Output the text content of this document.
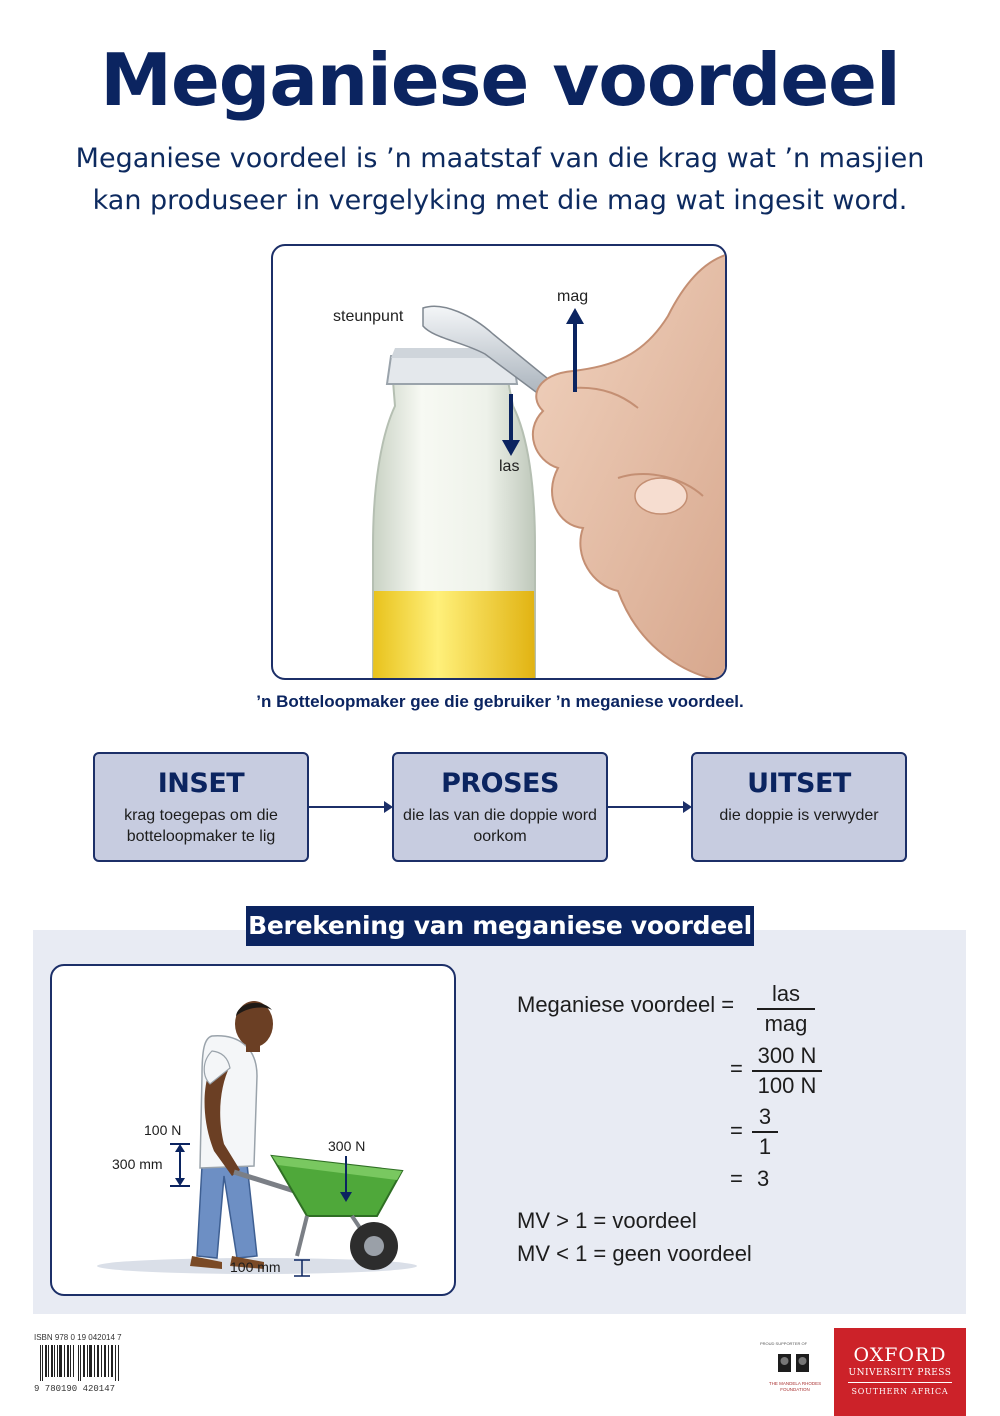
Meganiese voordeel
Meganiese voordeel is ’n maatstaf van die krag wat ’n masjien
kan produseer in vergelyking met die mag wat ingesit word.
steunpunt
mag
las
’n Botteloopmaker gee die gebruiker ’n meganiese voordeel.
INSET
krag toegepas om die botteloopmaker te lig
PROSES
die las van die doppie word oorkom
UITSET
die doppie is verwyder
Berekening van meganiese voordeel
100 N
300 mm
300 N
100 mm
Meganiese voordeel =	las
mag
= $\frac{300 N}{100 N}$
= $\frac{3}{1}$
= 3
MV > 1 = voordeel
MV < 1 = geen voordeel
ISBN 978 0 19 042014 7
9 780190 420147
PROUD SUPPORTER OF
THE MANDELA RHODES FOUNDATION
OXFORD
UNIVERSITY PRESS
SOUTHERN AFRICA
